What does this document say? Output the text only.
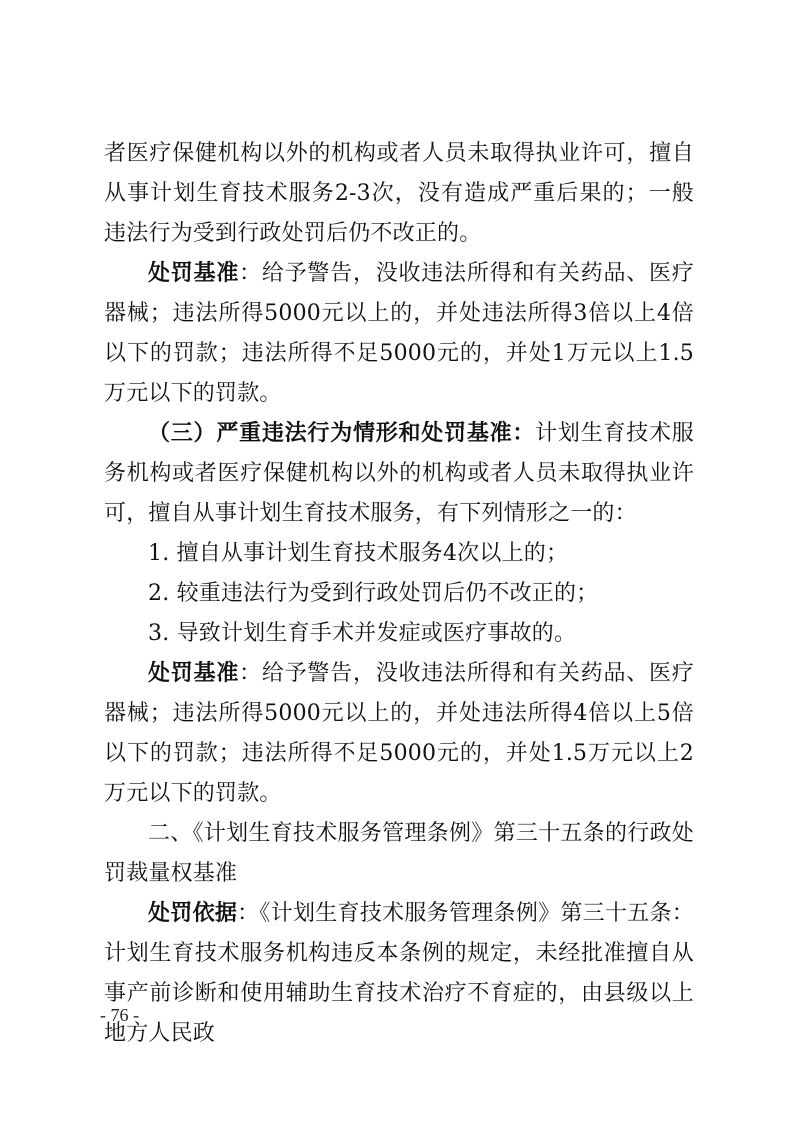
者医疗保健机构以外的机构或者人员未取得执业许可，擅自从事计划生育技术服务2-3次，没有造成严重后果的；一般违法行为受到行政处罚后仍不改正的。

处罚基准：给予警告，没收违法所得和有关药品、医疗器械；违法所得5000元以上的，并处违法所得3倍以上4倍以下的罚款；违法所得不足5000元的，并处1万元以上1.5万元以下的罚款。

（三）严重违法行为情形和处罚基准：计划生育技术服务机构或者医疗保健机构以外的机构或者人员未取得执业许可，擅自从事计划生育技术服务，有下列情形之一的：

1. 擅自从事计划生育技术服务4次以上的；

2. 较重违法行为受到行政处罚后仍不改正的；

3. 导致计划生育手术并发症或医疗事故的。

处罚基准：给予警告，没收违法所得和有关药品、医疗器械；违法所得5000元以上的，并处违法所得4倍以上5倍以下的罚款；违法所得不足5000元的，并处1.5万元以上2万元以下的罚款。

二、《计划生育技术服务管理条例》第三十五条的行政处罚裁量权基准

处罚依据：《计划生育技术服务管理条例》第三十五条：计划生育技术服务机构违反本条例的规定，未经批准擅自从事产前诊断和使用辅助生育技术治疗不育症的，由县级以上地方人民政

- 76 -
